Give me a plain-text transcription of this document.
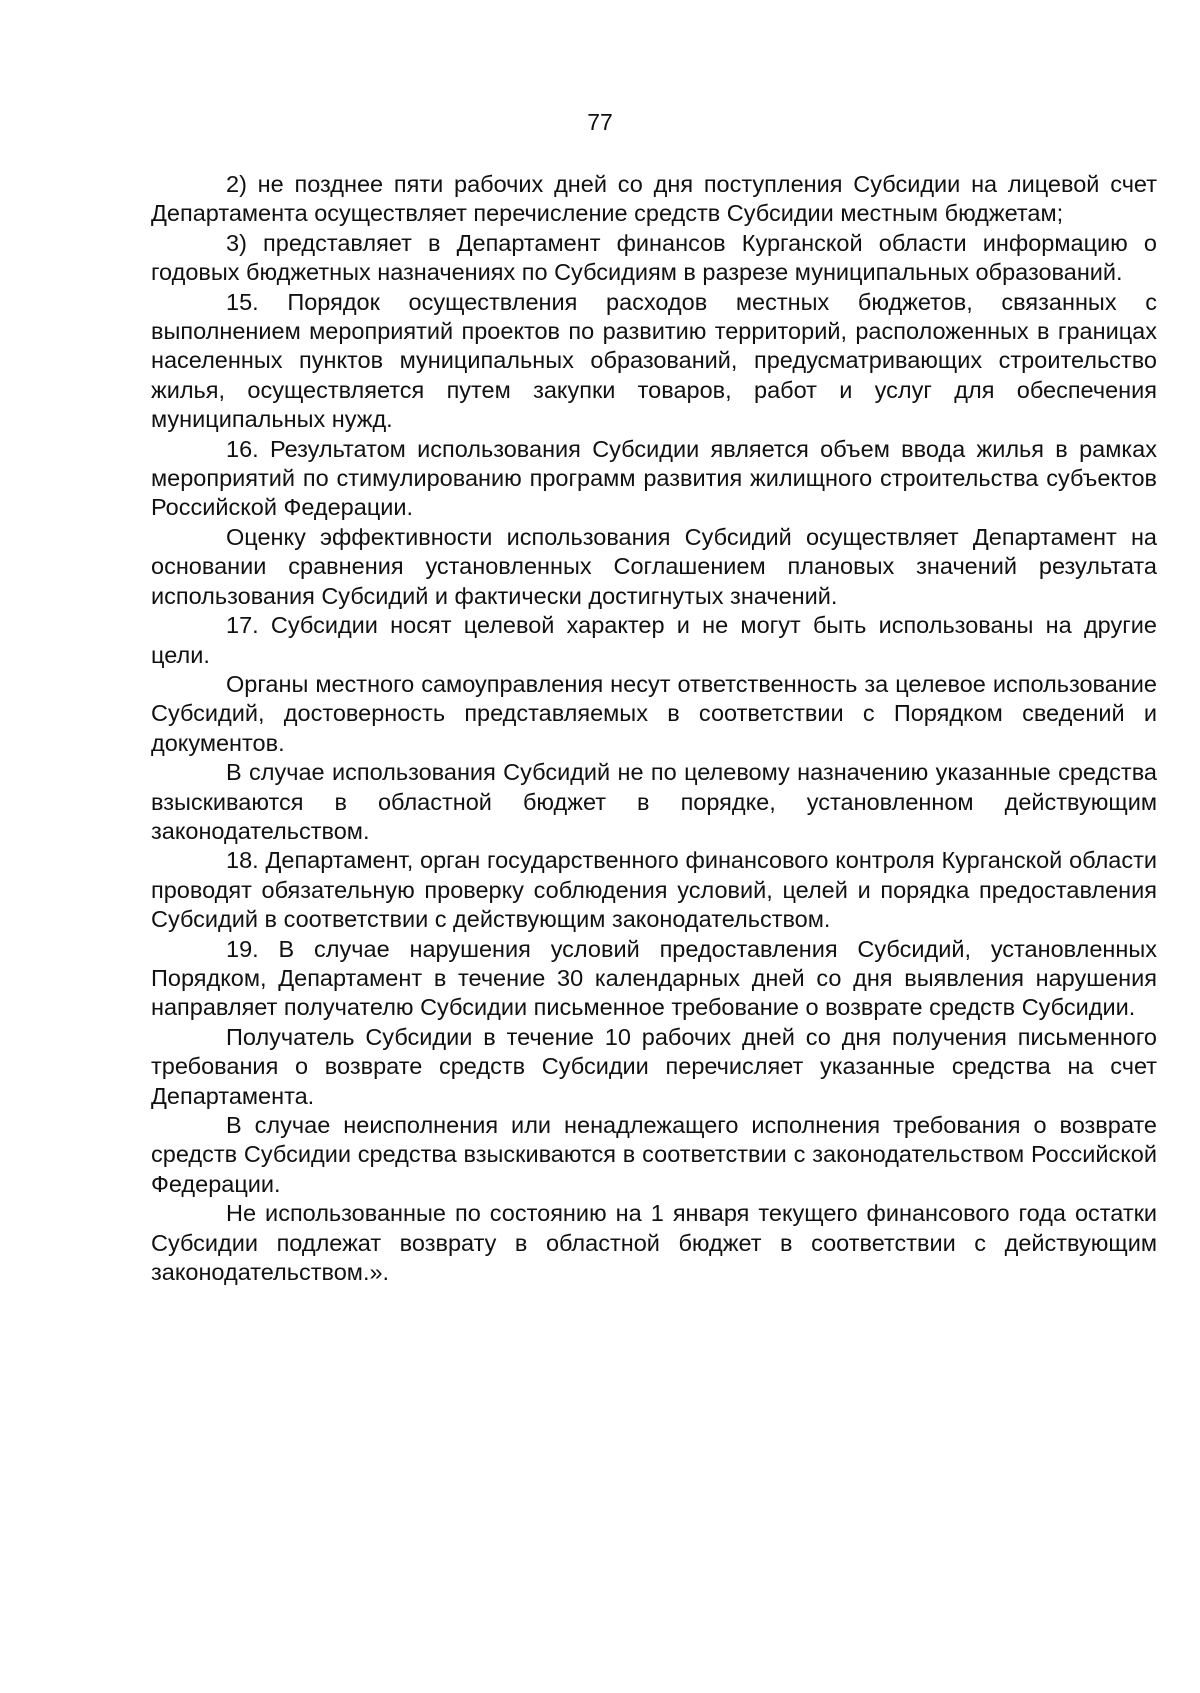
77

2) не позднее пяти рабочих дней со дня поступления Субсидии на лицевой счет Департамента осуществляет перечисление средств Субсидии местным бюджетам;

3) представляет в Департамент финансов Курганской области информацию о годовых бюджетных назначениях по Субсидиям в разрезе муниципальных образований.

15. Порядок осуществления расходов местных бюджетов, связанных с выполнением мероприятий проектов по развитию территорий, расположенных в границах населенных пунктов муниципальных образований, предусматривающих строительство жилья, осуществляется путем закупки товаров, работ и услуг для обеспечения муниципальных нужд.

16. Результатом использования Субсидии является объем ввода жилья в рамках мероприятий по стимулированию программ развития жилищного строительства субъектов Российской Федерации.

Оценку эффективности использования Субсидий осуществляет Департамент на основании сравнения установленных Соглашением плановых значений результата использования Субсидий и фактически достигнутых значений.

17. Субсидии носят целевой характер и не могут быть использованы на другие цели.

Органы местного самоуправления несут ответственность за целевое использование Субсидий, достоверность представляемых в соответствии с Порядком сведений и документов.

В случае использования Субсидий не по целевому назначению указанные средства взыскиваются в областной бюджет в порядке, установленном действующим законодательством.

18. Департамент, орган государственного финансового контроля Курганской области проводят обязательную проверку соблюдения условий, целей и порядка предоставления Субсидий в соответствии с действующим законодательством.

19. В случае нарушения условий предоставления Субсидий, установленных Порядком, Департамент в течение 30 календарных дней со дня выявления нарушения направляет получателю Субсидии письменное требование о возврате средств Субсидии.

Получатель Субсидии в течение 10 рабочих дней со дня получения письменного требования о возврате средств Субсидии перечисляет указанные средства на счет Департамента.

В случае неисполнения или ненадлежащего исполнения требования о возврате средств Субсидии средства взыскиваются в соответствии с законодательством Российской Федерации.

Не использованные по состоянию на 1 января текущего финансового года остатки Субсидии подлежат возврату в областной бюджет в соответствии с действующим законодательством.».
